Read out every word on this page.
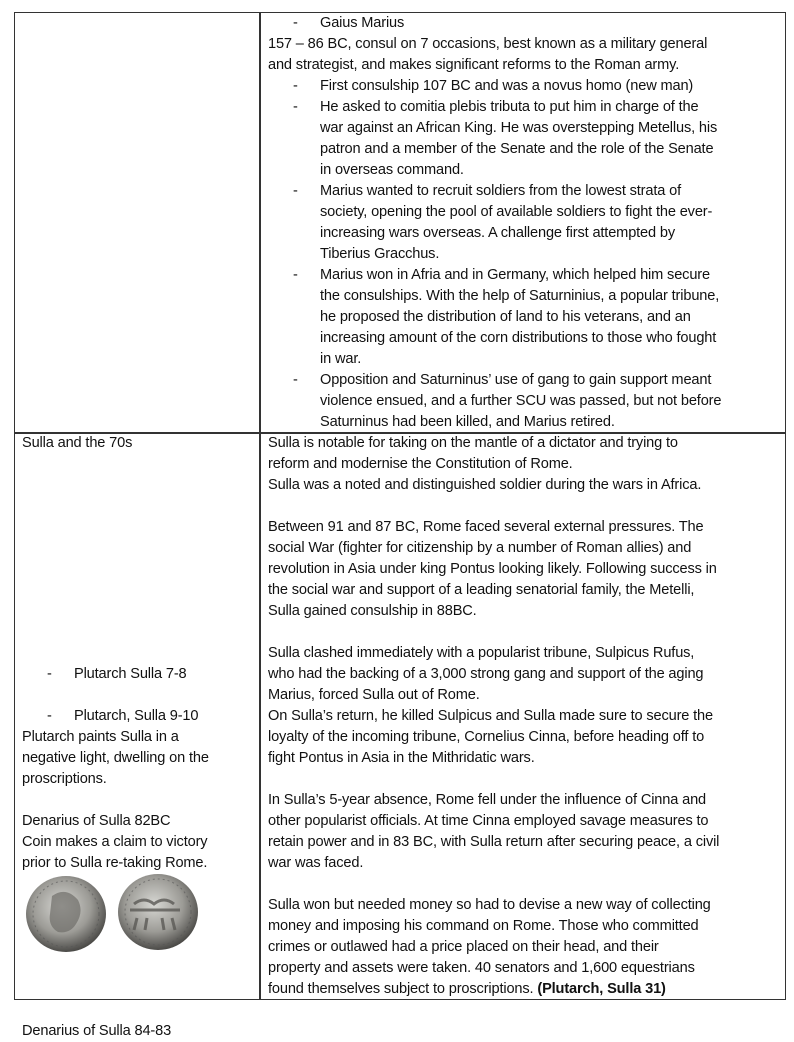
- Gaius Marius
157 – 86 BC, consul on 7 occasions, best known as a military general
and strategist, and makes significant reforms to the Roman army.
- First consulship 107 BC and was a novus homo (new man)
- He asked to comitia plebis tributa to put him in charge of the
war against an African King. He was overstepping Metellus, his
patron and a member of the Senate and the role of the Senate
in overseas command.
- Marius wanted to recruit soldiers from the lowest strata of
society, opening the pool of available soldiers to fight the ever-
increasing wars overseas. A challenge first attempted by
Tiberius Gracchus.
- Marius won in Afria and in Germany, which helped him secure
the consulships. With the help of Saturninius, a popular tribune,
he proposed the distribution of land to his veterans, and an
increasing amount of the corn distributions to those who fought
in war.
- Opposition and Saturninus’ use of gang to gain support meant
violence ensued, and a further SCU was passed, but not before
Saturninus had been killed, and Marius retired.
Sulla is notable for taking on the mantle of a dictator and trying to
reform and modernise the Constitution of Rome.
Sulla was a noted and distinguished soldier during the wars in Africa.
Between 91 and 87 BC, Rome faced several external pressures. The
social War (fighter for citizenship by a number of Roman allies) and
revolution in Asia under king Pontus looking likely. Following success in
the social war and support of a leading senatorial family, the Metelli,
Sulla gained consulship in 88BC.
Sulla clashed immediately with a popularist tribune, Sulpicus Rufus,
who had the backing of a 3,000 strong gang and support of the aging
Marius, forced Sulla out of Rome.
On Sulla’s return, he killed Sulpicus and Sulla made sure to secure the
loyalty of the incoming tribune, Cornelius Cinna, before heading off to
fight Pontus in Asia in the Mithridatic wars.
In Sulla’s 5-year absence, Rome fell under the influence of Cinna and
other popularist officials. At time Cinna employed savage measures to
retain power and in 83 BC, with Sulla return after securing peace, a civil
war was faced.
Sulla won but needed money so had to devise a new way of collecting
money and imposing his command on Rome. Those who committed
crimes or outlawed had a price placed on their head, and their
property and assets were taken. 40 senators and 1,600 equestrians
found themselves subject to proscriptions. (Plutarch, Sulla 31)
Sulla and the 70s
- Plutarch Sulla 7-8
- Plutarch, Sulla 9-10
Plutarch paints Sulla in a
negative light, dwelling on the
proscriptions.
Denarius of Sulla 82BC
Coin makes a claim to victory
prior to Sulla re-taking Rome.
Denarius of Sulla 84-83
